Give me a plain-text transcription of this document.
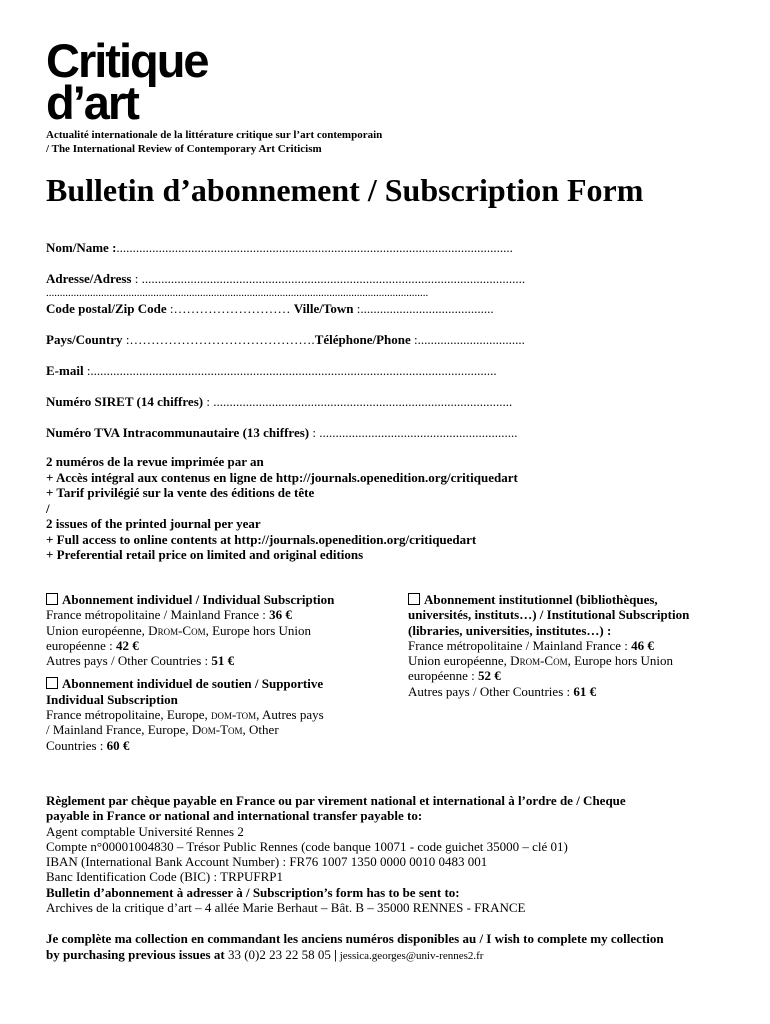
Critique
d’art
Actualité internationale de la littérature critique sur l’art contemporain
/ The International Review of Contemporary Art Criticism
Bulletin d’abonnement / Subscription Form
Nom/Name :..........................................................................................................................
Adresse/Adress : ......................................................................................................................
...........................................................................................................................................
Code postal/Zip Code :……………………… Ville/Town :.........................................
Pays/Country :…………………………………….Téléphone/Phone :.................................
E-mail :.............................................................................................................................
Numéro SIRET (14 chiffres) : ............................................................................................
Numéro TVA Intracommunautaire (13 chiffres) : .............................................................
2 numéros de la revue imprimée par an
+ Accès intégral aux contenus en ligne de http://journals.openedition.org/critiquedart
+ Tarif privilégié sur la vente des éditions de tête
/
2 issues of the printed journal per year
+ Full access to online contents at http://journals.openedition.org/critiquedart
+ Preferential retail price on limited and original editions
Abonnement individuel / Individual Subscription
France métropolitaine / Mainland France : 36 €
Union européenne, Drom-Com, Europe hors Union
européenne : 42 €
Autres pays / Other Countries : 51 €
Abonnement individuel de soutien / Supportive
Individual Subscription
France métropolitaine, Europe, dom-tom, Autres pays
/ Mainland France, Europe, Dom-Tom, Other
Countries : 60 €
Abonnement institutionnel (bibliothèques,
universités, instituts…) / Institutional Subscription
(libraries, universities, institutes…) :
France métropolitaine / Mainland France : 46 €
Union européenne, Drom-Com, Europe hors Union
européenne : 52 €
Autres pays / Other Countries : 61 €
Règlement par chèque payable en France ou par virement national et international à l’ordre de / Cheque
payable in France or national and international transfer payable to:
Agent comptable Université Rennes 2
Compte n°00001004830 – Trésor Public Rennes (code banque 10071 - code guichet 35000 – clé 01)
IBAN (International Bank Account Number) : FR76 1007 1350 0000 0010 0483 001
Banc Identification Code (BIC) : TRPUFRP1
Bulletin d’abonnement à adresser à / Subscription’s form has to be sent to:
Archives de la critique d’art – 4 allée Marie Berhaut – Bât. B – 35000 RENNES - FRANCE
Je complète ma collection en commandant les anciens numéros disponibles au / I wish to complete my collection
by purchasing previous issues at 33 (0)2 23 22 58 05 | jessica.georges@univ-rennes2.fr
